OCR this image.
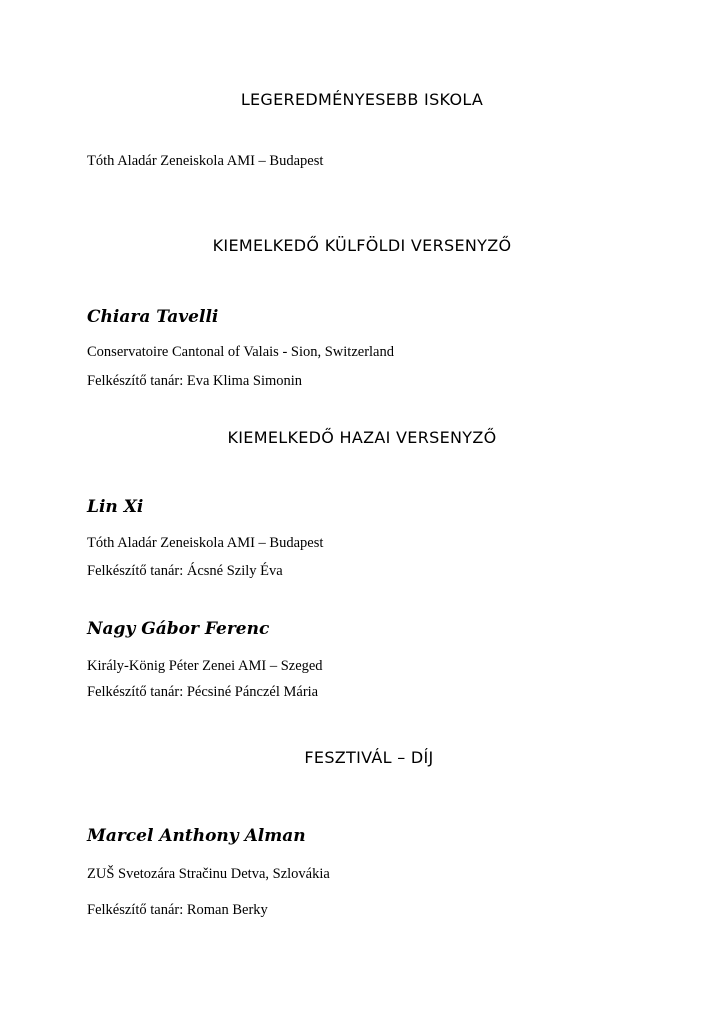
LEGEREDMÉNYESEBB ISKOLA

Tóth Aladár Zeneiskola AMI – Budapest

KIEMELKEDŐ KÜLFÖLDI VERSENYZŐ

Chiara Tavelli

Conservatoire Cantonal of Valais - Sion, Switzerland

Felkészítő tanár: Eva Klima Simonin

KIEMELKEDŐ HAZAI VERSENYZŐ

Lin Xi

Tóth Aladár Zeneiskola AMI – Budapest

Felkészítő tanár: Ácsné Szily Éva

Nagy Gábor Ferenc

Király-König Péter Zenei AMI – Szeged

Felkészítő tanár: Pécsiné Pánczél Mária

FESZTIVÁL – DÍJ

Marcel Anthony Alman

ZUŠ Svetozára Stračinu Detva, Szlovákia

Felkészítő tanár: Roman Berky
